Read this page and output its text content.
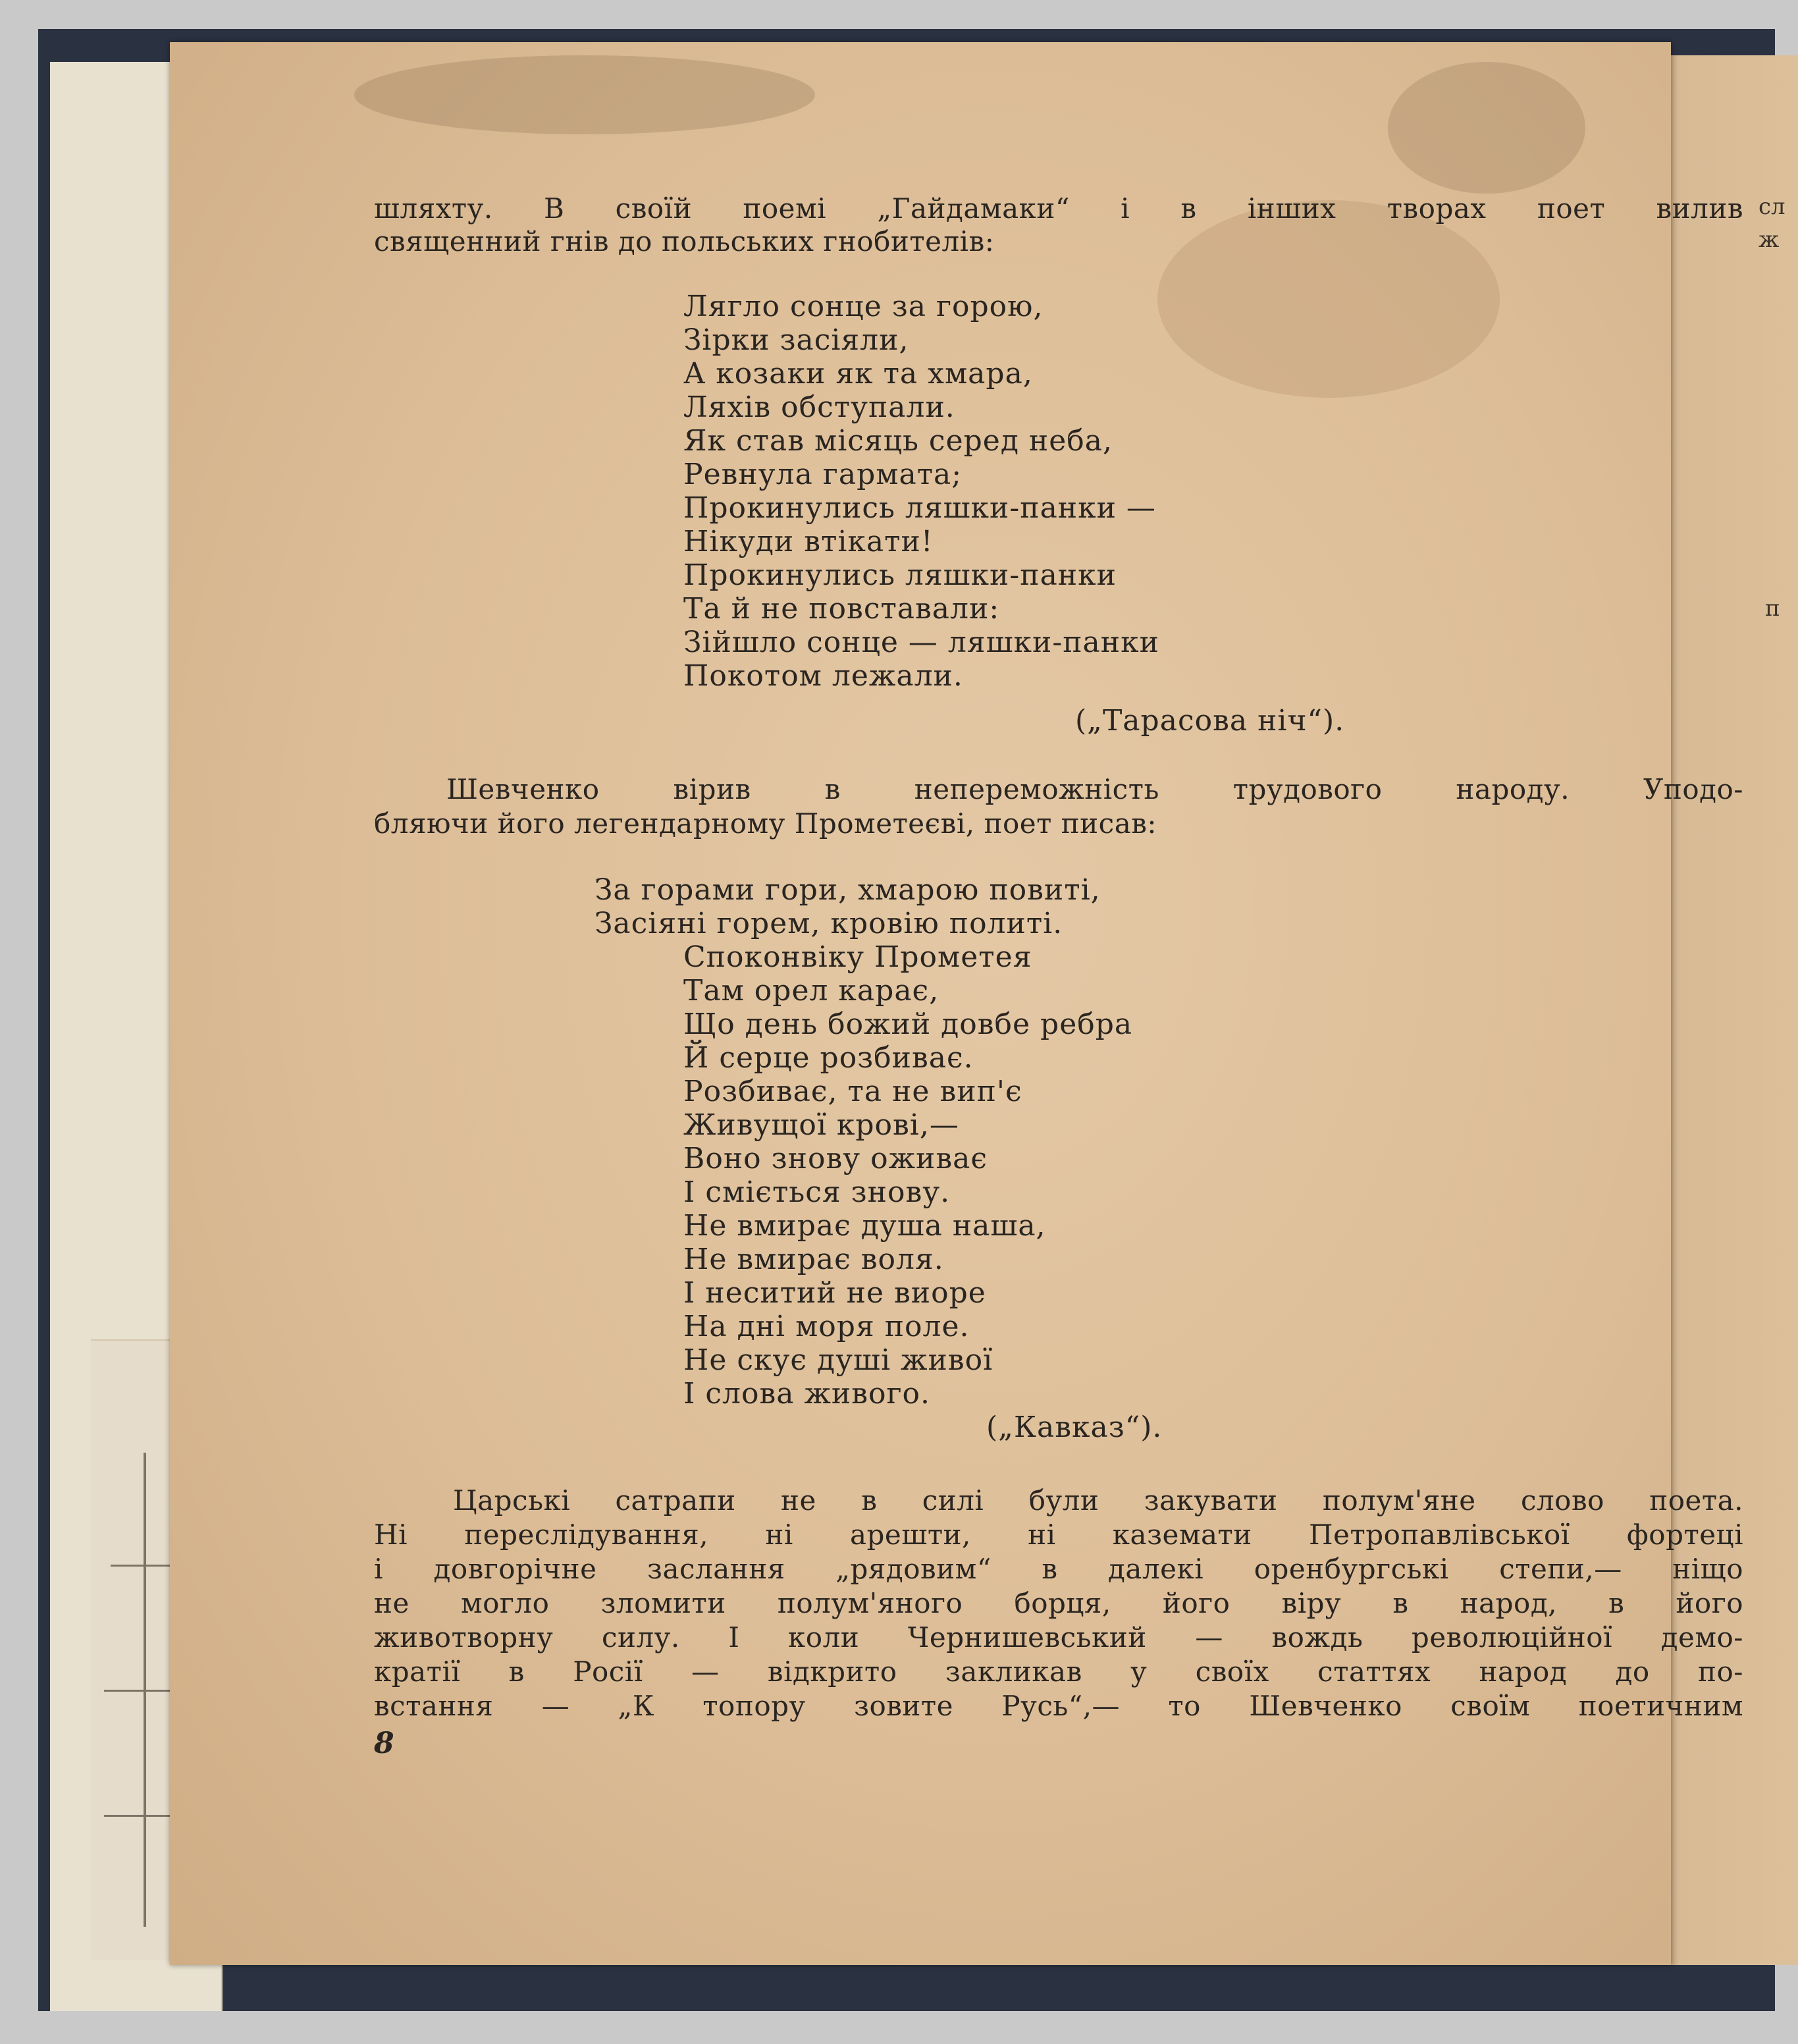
сл
ж
п
шляхту. В своїй поемі „Гайдамаки“ і в інших творах поет вилив
священний гнів до польських гнобителів:
Лягло сонце за горою,
Зірки засіяли,
А козаки як та хмара,
Ляхів обступали.
Як став місяць серед неба,
Ревнула гармата;
Прокинулись ляшки-панки —
Нікуди втікати!
Прокинулись ляшки-панки
Та й не повставали:
Зійшло сонце — ляшки-панки
Покотом лежали.
(„Тарасова ніч“).
Шевченко вірив в непереможність трудового народу. Уподо-
бляючи його легендарному Прометеєві, поет писав:
За горами гори, хмарою повиті,
Засіяні горем, кровію политі.
Споконвіку Прометея
Там орел карає,
Що день божий довбе ребра
Й серце розбиває.
Розбиває, та не вип'є
Живущої крові,—
Воно знову оживає
І сміється знову.
Не вмирає душа наша,
Не вмирає воля.
І неситий не виоре
На дні моря поле.
Не скує душі живої
І слова живого.
(„Кавказ“).
Царські сатрапи не в силі були закувати полум'яне слово поета.
Ні переслідування, ні арешти, ні каземати Петропавлівської фортеці
і довгорічне заслання „рядовим“ в далекі оренбургські степи,— ніщо
не могло зломити полум'яного борця, його віру в народ, в його
животворну силу. І коли Чернишевський — вождь революційної демо-
кратії в Росії — відкрито закликав у своїх статтях народ до по-
встання — „К топору зовите Русь“,— то Шевченко своїм поетичним
8
